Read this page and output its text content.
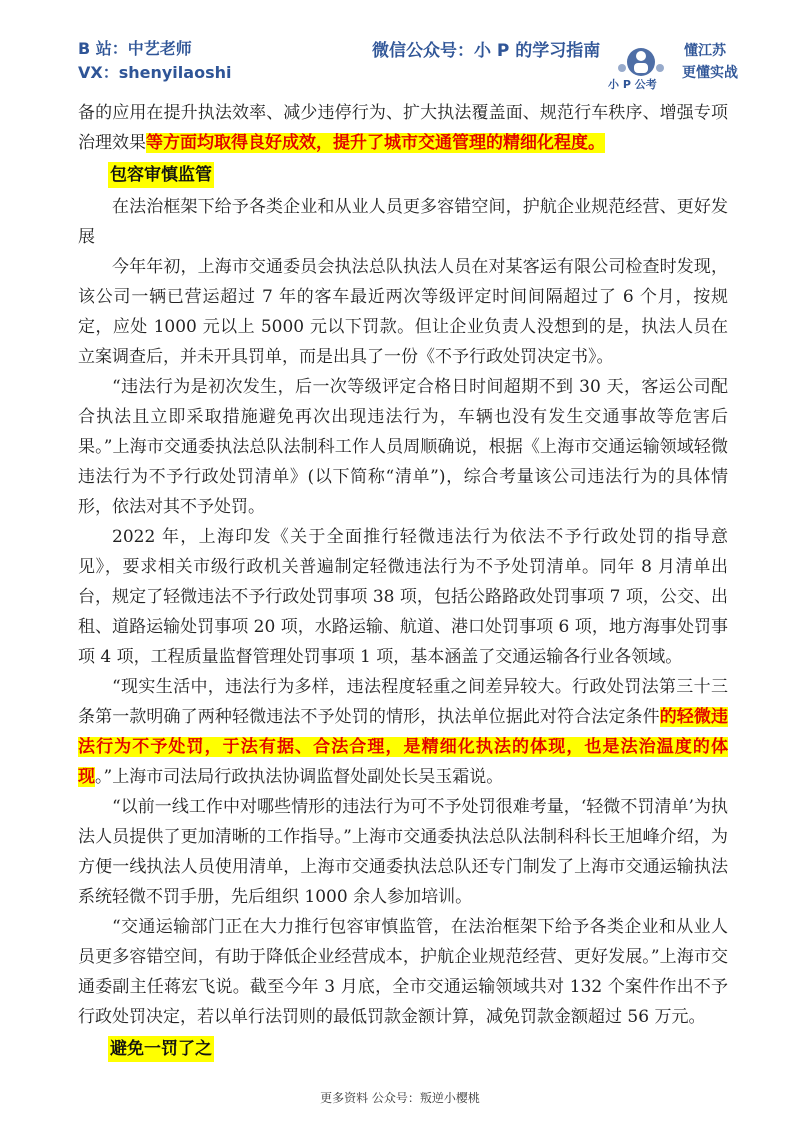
B 站：中艺老师
VX：shenyilaoshi
微信公众号：小 P 的学习指南
小 P 公考
懂江苏
更懂实战

备的应用在提升执法效率、减少违停行为、扩大执法覆盖面、规范行车秩序、增强专项治理效果等方面均取得良好成效，提升了城市交通管理的精细化程度。

包容审慎监管

在法治框架下给予各类企业和从业人员更多容错空间，护航企业规范经营、更好发展

今年年初，上海市交通委员会执法总队执法人员在对某客运有限公司检查时发现，该公司一辆已营运超过 7 年的客车最近两次等级评定时间间隔超过了 6 个月，按规定，应处 1000 元以上 5000 元以下罚款。但让企业负责人没想到的是，执法人员在立案调查后，并未开具罚单，而是出具了一份《不予行政处罚决定书》。

“违法行为是初次发生，后一次等级评定合格日时间超期不到 30 天，客运公司配合执法且立即采取措施避免再次出现违法行为，车辆也没有发生交通事故等危害后果。”上海市交通委执法总队法制科工作人员周顺确说，根据《上海市交通运输领域轻微违法行为不予行政处罚清单》(以下简称“清单”)，综合考量该公司违法行为的具体情形，依法对其不予处罚。

2022 年，上海印发《关于全面推行轻微违法行为依法不予行政处罚的指导意见》，要求相关市级行政机关普遍制定轻微违法行为不予处罚清单。同年 8 月清单出台，规定了轻微违法不予行政处罚事项 38 项，包括公路路政处罚事项 7 项，公交、出租、道路运输处罚事项 20 项，水路运输、航道、港口处罚事项 6 项，地方海事处罚事项 4 项，工程质量监督管理处罚事项 1 项，基本涵盖了交通运输各行业各领域。

“现实生活中，违法行为多样，违法程度轻重之间差异较大。行政处罚法第三十三条第一款明确了两种轻微违法不予处罚的情形，执法单位据此对符合法定条件的轻微违法行为不予处罚，于法有据、合法合理，是精细化执法的体现，也是法治温度的体现。”上海市司法局行政执法协调监督处副处长吴玉霜说。

“以前一线工作中对哪些情形的违法行为可不予处罚很难考量，‘轻微不罚清单’为执法人员提供了更加清晰的工作指导。”上海市交通委执法总队法制科科长王旭峰介绍，为方便一线执法人员使用清单，上海市交通委执法总队还专门制发了上海市交通运输执法系统轻微不罚手册，先后组织 1000 余人参加培训。

“交通运输部门正在大力推行包容审慎监管，在法治框架下给予各类企业和从业人员更多容错空间，有助于降低企业经营成本，护航企业规范经营、更好发展。”上海市交通委副主任蒋宏飞说。截至今年 3 月底，全市交通运输领域共对 132 个案件作出不予行政处罚决定，若以单行法罚则的最低罚款金额计算，减免罚款金额超过 56 万元。

避免一罚了之
更多资料 公众号：叛逆小樱桃
